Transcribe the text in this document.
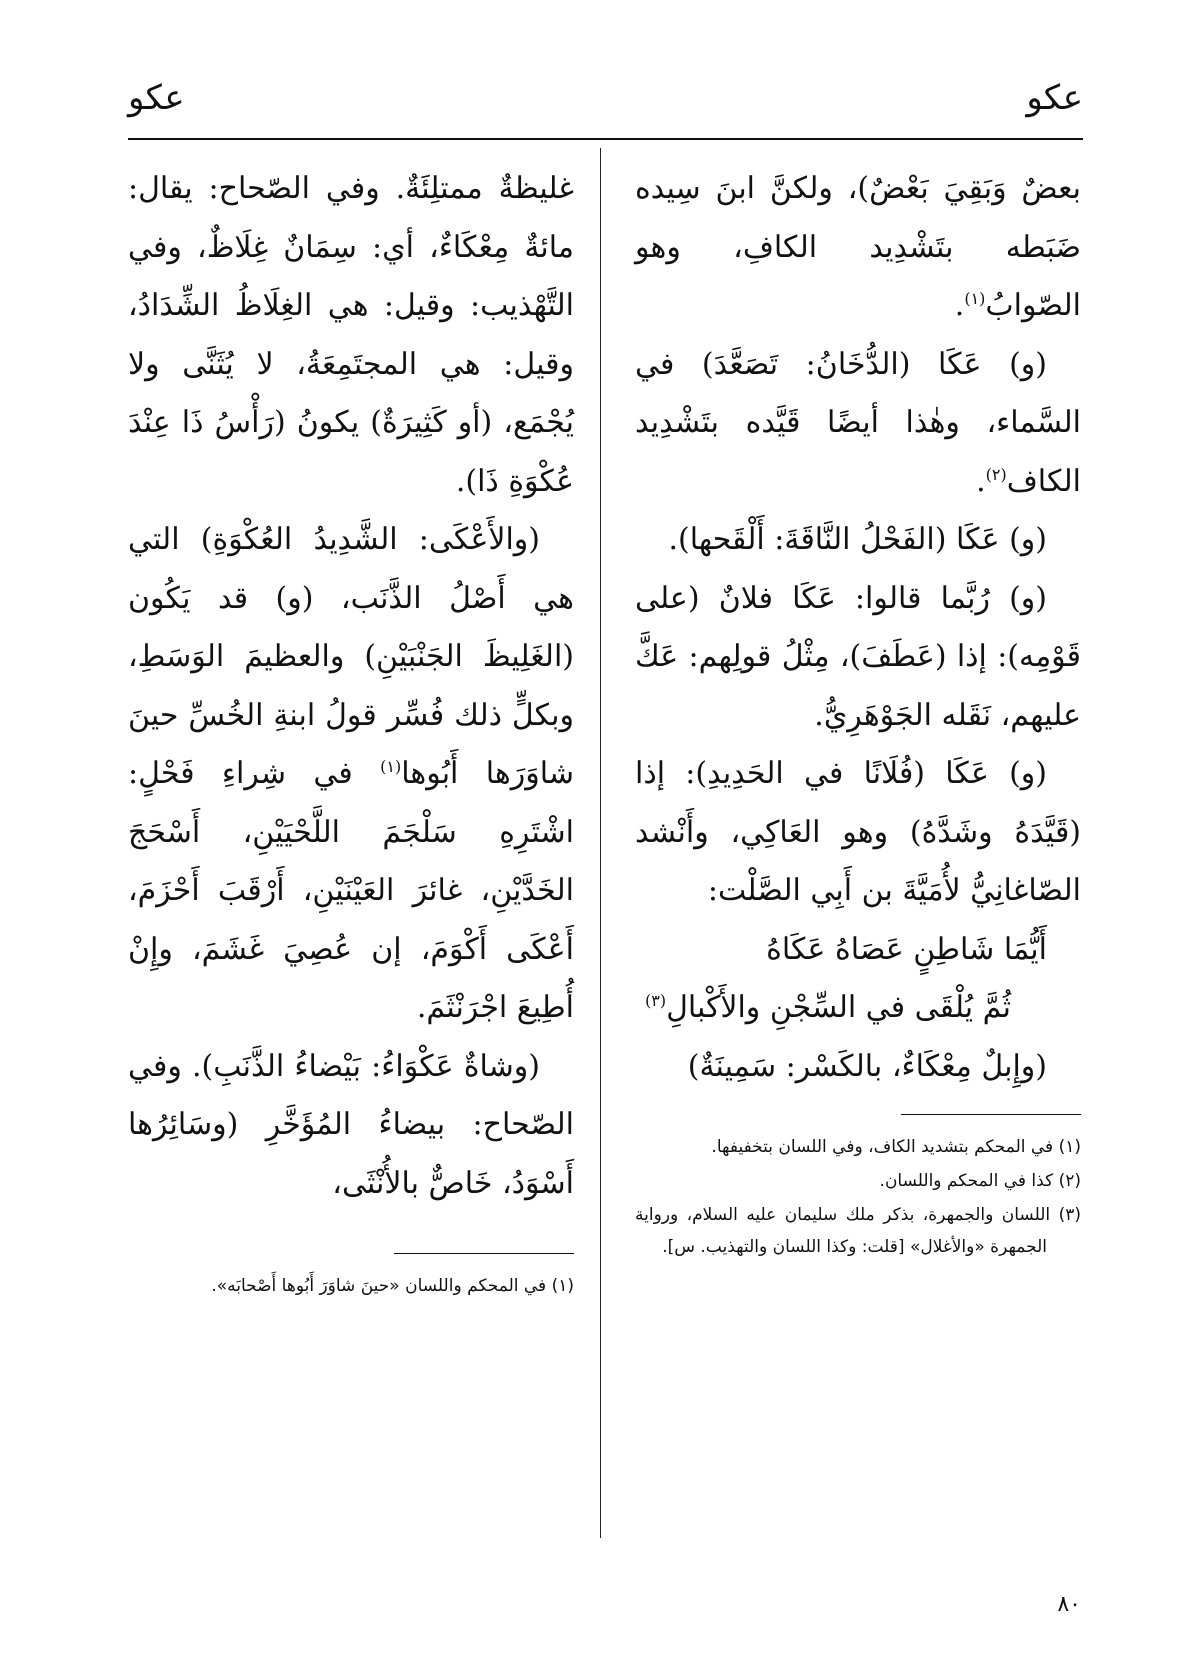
عكو
عكو

بعضٌ وَبَقِيَ بَعْضٌ)، ولكنَّ ابنَ سِيده ضَبَطه بتَشْدِيد الكافِ، وهو الصّوابُ$^{(١)}$.

(و) عَكَا (الدُّخَانُ: تَصَعَّدَ) في السَّماء، وهٰذا أيضًا قَيَّده بتَشْدِيد الكاف$^{(٢)}$.

(و) عَكَا (الفَحْلُ النَّاقَةَ: أَلْقَحها).

(و) رُبَّما قالوا: عَكَا فلانٌ (على قَوْمِه): إذا (عَطَفَ)، مِثْلُ قولِهم: عَكَّ عليهم، نَقَله الجَوْهَرِيُّ.

(و) عَكَا (فُلَانًا في الحَدِيدِ): إذا (قَيَّدَهُ وشَدَّهُ) وهو العَاكِي، وأَنْشد الصّاغانِيُّ لأُمَيَّةَ بن أَبِي الصَّلْت:

أَيُّمَا شَاطِنٍ عَصَاهُ عَكَاهُ

ثُمَّ يُلْقَى في السِّجْنِ والأَكْبالِ$^{(٣)}$

(وإِبلٌ مِعْكَاءٌ، بالكَسْر: سَمِينَةٌ)

(١) في المحكم بتشديد الكاف، وفي اللسان بتخفيفها.

(٢) كذا في المحكم واللسان.

(٣) اللسان والجمهرة، بذكر ملك سليمان عليه السلام، ورواية الجمهرة «والأغلال» [قلت: وكذا اللسان والتهذيب. س].

غليظةٌ ممتلِئَةٌ. وفي الصّحاح: يقال: مائةٌ مِعْكَاءٌ، أي: سِمَانٌ غِلَاظٌ، وفي التَّهْذيب: وقيل: هي الغِلَاظُ الشِّدَادُ، وقيل: هي المجتَمِعَةُ، لا يُثَنَّى ولا يُجْمَع، (أو كَثِيرَةٌ) يكونُ (رَأْسُ ذَا عِنْدَ عُكْوَةِ ذَا).

(والأَعْكَى: الشَّدِيدُ العُكْوَةِ) التي هي أَصْلُ الذَّنَب، (و) قد يَكُون (الغَلِيظَ الجَنْبَيْنِ) والعظيمَ الوَسَطِ، وبكلٍّ ذلك فُسِّر قولُ ابنةِ الخُسِّ حينَ شاوَرَها أَبُوها$^{(١)}$ في شِراءِ فَحْلٍ: اشْتَرِهِ سَلْجَمَ اللَّحْيَيْنِ، أَسْحَجَ الخَدَّيْنِ، غائرَ العَيْنَيْنِ، أَرْقَبَ أَحْزَمَ، أَعْكَى أَكْوَمَ، إن عُصِيَ غَشَمَ، وإِنْ أُطِيعَ اجْرَنْثَمَ.

(وشاةٌ عَكْوَاءُ: بَيْضاءُ الذَّنَبِ). وفي الصّحاح: بيضاءُ المُؤَخَّرِ (وسَائِرُها أَسْوَدُ، خَاصٌّ بالأُنْثَى،

(١) في المحكم واللسان «حينَ شاوَرَ أَبُوها أَصْحابَه».

٨٠
